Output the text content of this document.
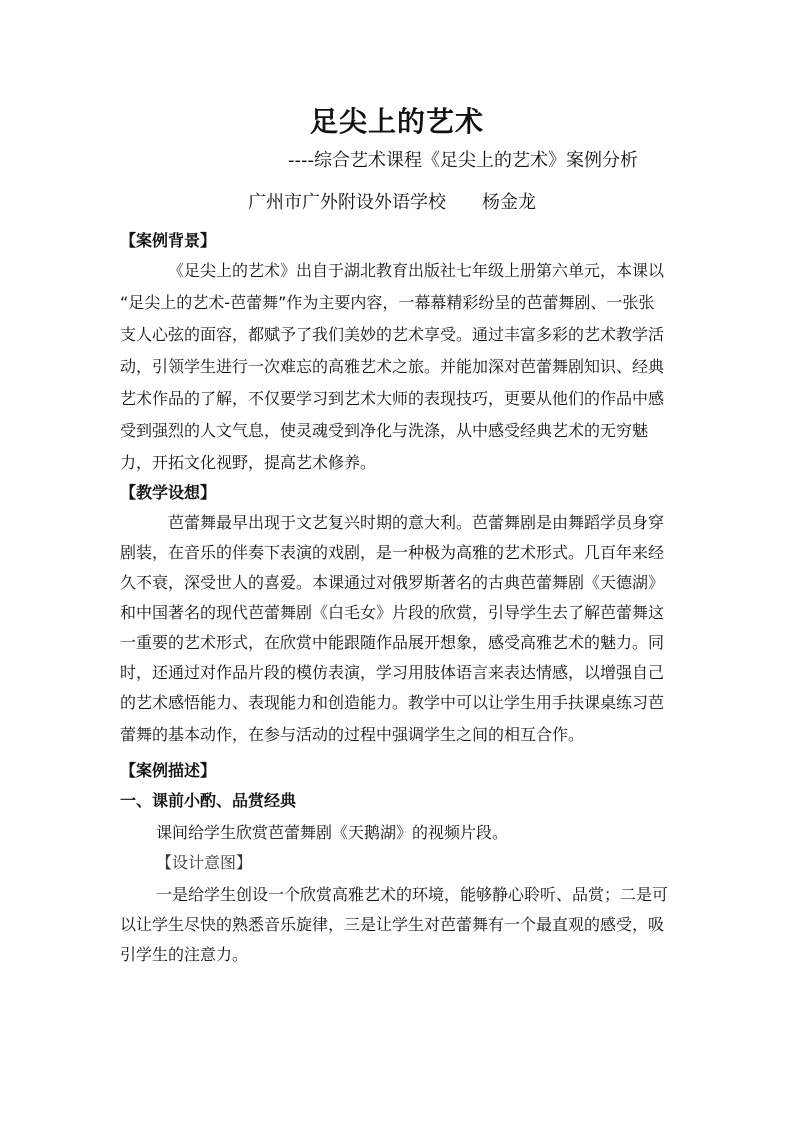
足尖上的艺术
----综合艺术课程《足尖上的艺术》案例分析
广州市广外附设外语学校 杨金龙
【案例背景】
《足尖上的艺术》出自于湖北教育出版社七年级上册第六单元，本课以
“足尖上的艺术-芭蕾舞”作为主要内容，一幕幕精彩纷呈的芭蕾舞剧、一张张
支人心弦的面容，都赋予了我们美妙的艺术享受。通过丰富多彩的艺术教学活
动，引领学生进行一次难忘的高雅艺术之旅。并能加深对芭蕾舞剧知识、经典
艺术作品的了解，不仅要学习到艺术大师的表现技巧，更要从他们的作品中感
受到强烈的人文气息，使灵魂受到净化与洗涤，从中感受经典艺术的无穷魅
力，开拓文化视野，提高艺术修养。
【教学设想】
芭蕾舞最早出现于文艺复兴时期的意大利。芭蕾舞剧是由舞蹈学员身穿
剧装，在音乐的伴奏下表演的戏剧，是一种极为高雅的艺术形式。几百年来经
久不衰，深受世人的喜爱。本课通过对俄罗斯著名的古典芭蕾舞剧《天德湖》
和中国著名的现代芭蕾舞剧《白毛女》片段的欣赏，引导学生去了解芭蕾舞这
一重要的艺术形式，在欣赏中能跟随作品展开想象，感受高雅艺术的魅力。同
时，还通过对作品片段的模仿表演，学习用肢体语言来表达情感，以增强自己
的艺术感悟能力、表现能力和创造能力。教学中可以让学生用手扶课桌练习芭
蕾舞的基本动作，在参与活动的过程中强调学生之间的相互合作。
【案例描述】
一、课前小酌、品赏经典
课间给学生欣赏芭蕾舞剧《天鹅湖》的视频片段。
【设计意图】
一是给学生创设一个欣赏高雅艺术的环境，能够静心聆听、品赏；二是可
以让学生尽快的熟悉音乐旋律，三是让学生对芭蕾舞有一个最直观的感受，吸
引学生的注意力。
